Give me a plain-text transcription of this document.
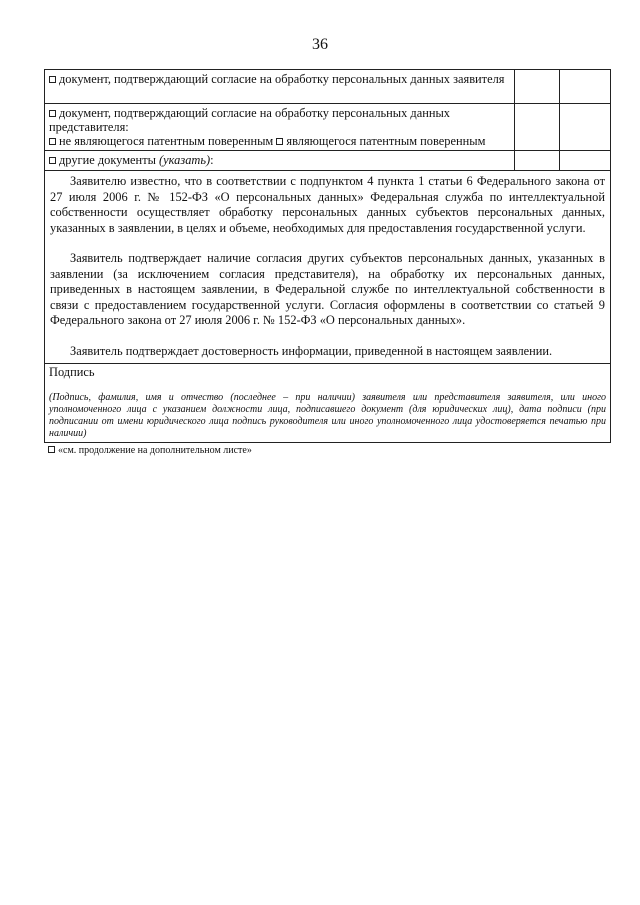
36
документ, подтверждающий согласие на обработку персональных данных заявителя		
документ, подтверждающий согласие на обработку персональных данных представителя:
не являющегося патентным поверенным являющегося патентным поверенным		
другие документы (указать):		

Заявителю известно, что в соответствии с подпунктом 4 пункта 1 статьи 6 Федерального закона от 27 июля 2006 г. № 152-ФЗ «О персональных данных» Федеральная служба по интеллектуальной собственности осуществляет обработку персональных данных субъектов персональных данных, указанных в заявлении, в целях и объеме, необходимых для предоставления государственной услуги.

Заявитель подтверждает наличие согласия других субъектов персональных данных, указанных в заявлении (за исключением согласия представителя), на обработку их персональных данных, приведенных в настоящем заявлении, в Федеральной службе по интеллектуальной собственности в связи с предоставлением государственной услуги. Согласия оформлены в соответствии со статьей 9 Федерального закона от 27 июля 2006 г. № 152-ФЗ «О персональных данных».

Заявитель подтверждает достоверность информации, приведенной в настоящем заявлении.		

Подпись
(Подпись, фамилия, имя и отчество (последнее – при наличии) заявителя или представителя заявителя, или иного уполномоченного лица с указанием должности лица, подписавшего документ (для юридических лиц), дата подписи (при подписании от имени юридического лица подпись руководителя или иного уполномоченного лица удостоверяется печатью при наличии)		
«см. продолжение на дополнительном листе»
